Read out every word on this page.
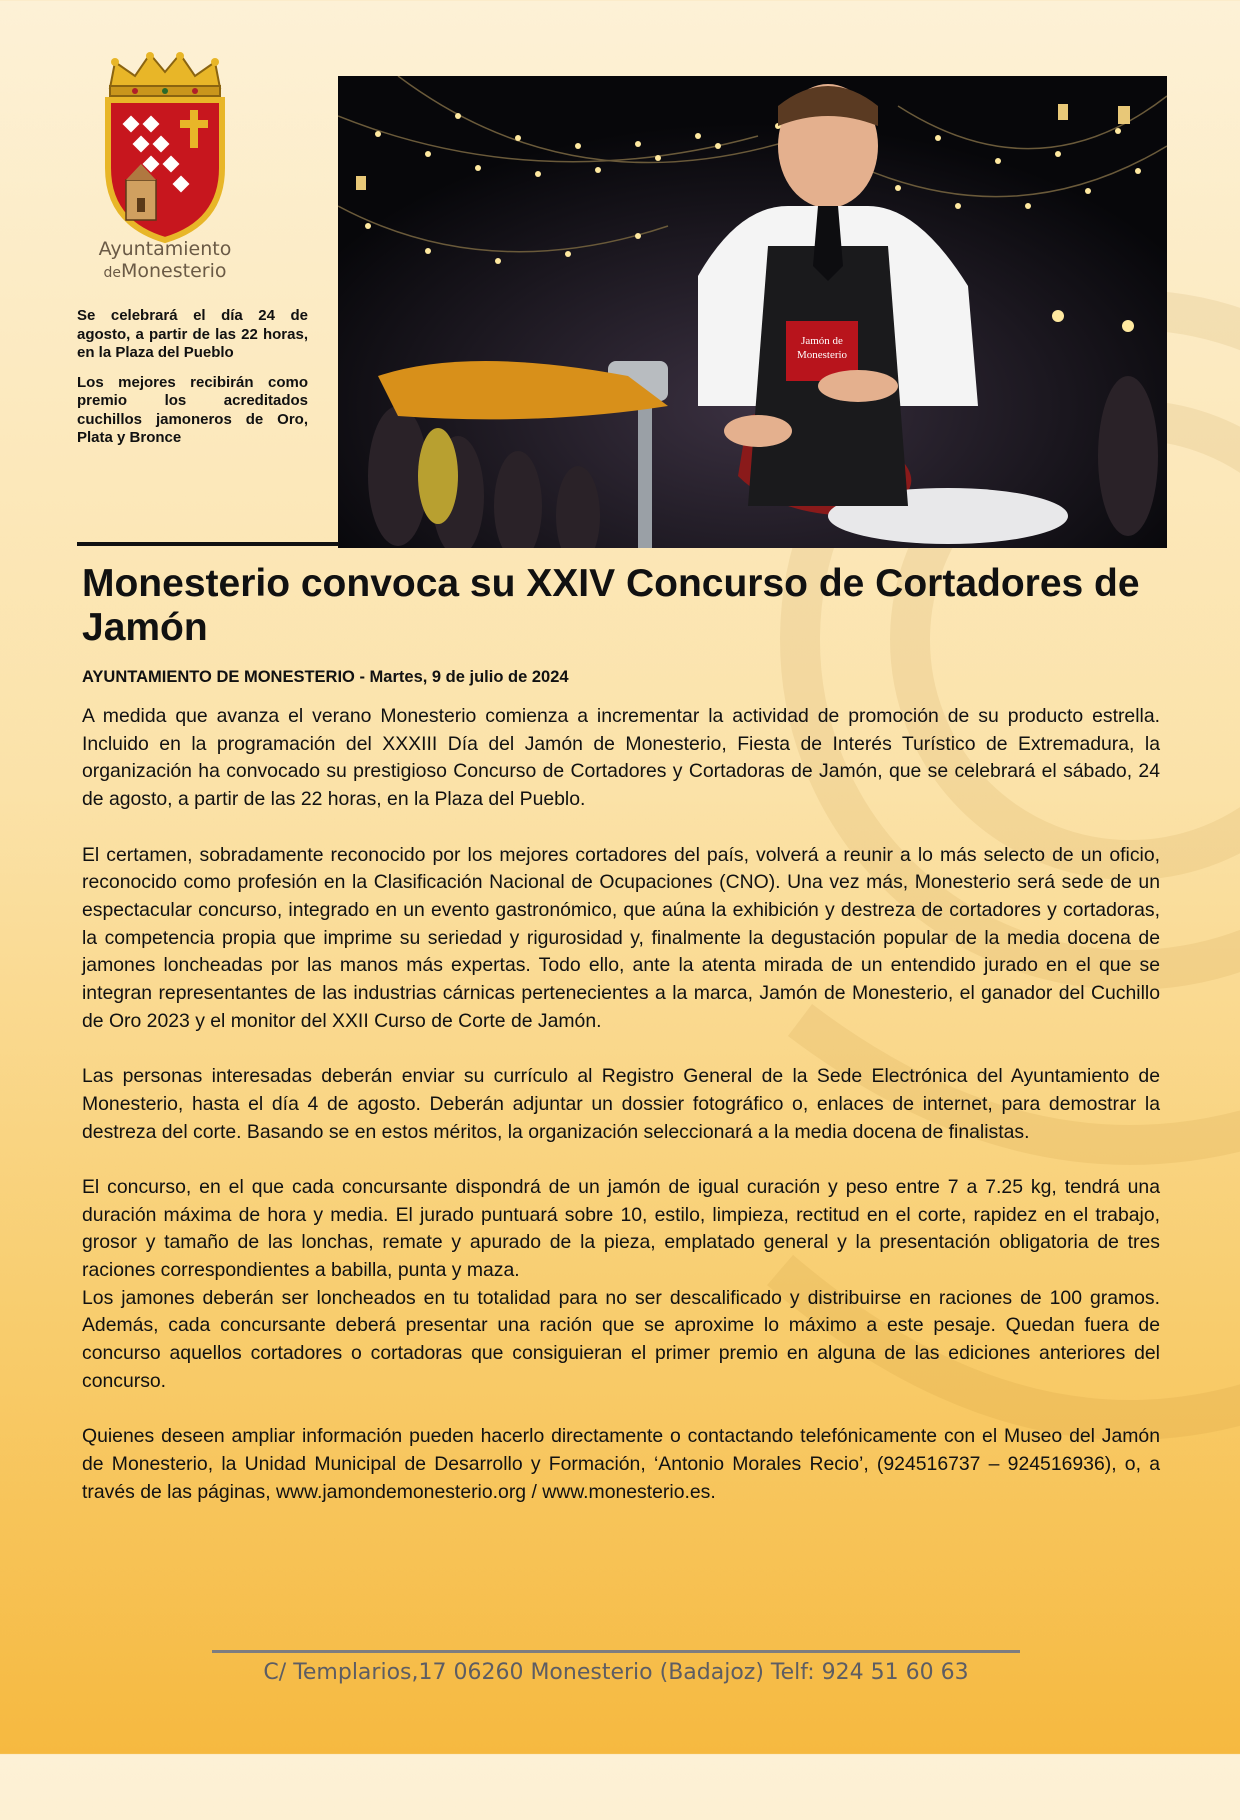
Ayuntamiento
deMonesterio

Se celebrará el día 24 de agosto, a partir de las 22 horas, en la Plaza del Pueblo

Los mejores recibirán como premio los acreditados cuchillos jamoneros de Oro, Plata y Bronce

Jamón de
Monesterio
Monesterio convoca su XXIV Concurso de Cortadores de Jamón
AYUNTAMIENTO DE MONESTERIO - Martes, 9 de julio de 2024

A medida que avanza el verano Monesterio comienza a incrementar la actividad de promoción de su producto estrella. Incluido en la programación del XXXIII Día del Jamón de Monesterio, Fiesta de Interés Turístico de Extremadura, la organización ha convocado su prestigioso Concurso de Cortadores y Cortadoras de Jamón, que se celebrará el sábado, 24 de agosto, a partir de las 22 horas, en la Plaza del Pueblo.

El certamen, sobradamente reconocido por los mejores cortadores del país, volverá a reunir a lo más selecto de un oficio, reconocido como profesión en la Clasificación Nacional de Ocupaciones (CNO). Una vez más, Monesterio será sede de un espectacular concurso, integrado en un evento gastronómico, que aúna la exhibición y destreza de cortadores y cortadoras, la competencia propia que imprime su seriedad y rigurosidad y, finalmente la degustación popular de la media docena de jamones loncheadas por las manos más expertas. Todo ello, ante la atenta mirada de un entendido jurado en el que se integran representantes de las industrias cárnicas pertenecientes a la marca, Jamón de Monesterio, el ganador del Cuchillo de Oro 2023 y el monitor del XXII Curso de Corte de Jamón.

Las personas interesadas deberán enviar su currículo al Registro General de la Sede Electrónica del Ayuntamiento de Monesterio, hasta el día 4 de agosto. Deberán adjuntar un dossier fotográfico o, enlaces de internet, para demostrar la destreza del corte. Basando se en estos méritos, la organización seleccionará a la media docena de finalistas.

El concurso, en el que cada concursante dispondrá de un jamón de igual curación y peso entre 7 a 7.25 kg, tendrá una duración máxima de hora y media. El jurado puntuará sobre 10, estilo, limpieza, rectitud en el corte, rapidez en el trabajo, grosor y tamaño de las lonchas, remate y apurado de la pieza, emplatado general y la presentación obligatoria de tres raciones correspondientes a babilla, punta y maza.

Los jamones deberán ser loncheados en tu totalidad para no ser descalificado y distribuirse en raciones de 100 gramos. Además, cada concursante deberá presentar una ración que se aproxime lo máximo a este pesaje. Quedan fuera de concurso aquellos cortadores o cortadoras que consiguieran el primer premio en alguna de las ediciones anteriores del concurso.

Quienes deseen ampliar información pueden hacerlo directamente o contactando telefónicamente con el Museo del Jamón de Monesterio, la Unidad Municipal de Desarrollo y Formación, ‘Antonio Morales Recio’, (924516737 – 924516936), o, a través de las páginas, www.jamondemonesterio.org / www.monesterio.es.

C/ Templarios,17 06260 Monesterio (Badajoz) Telf: 924 51 60 63
